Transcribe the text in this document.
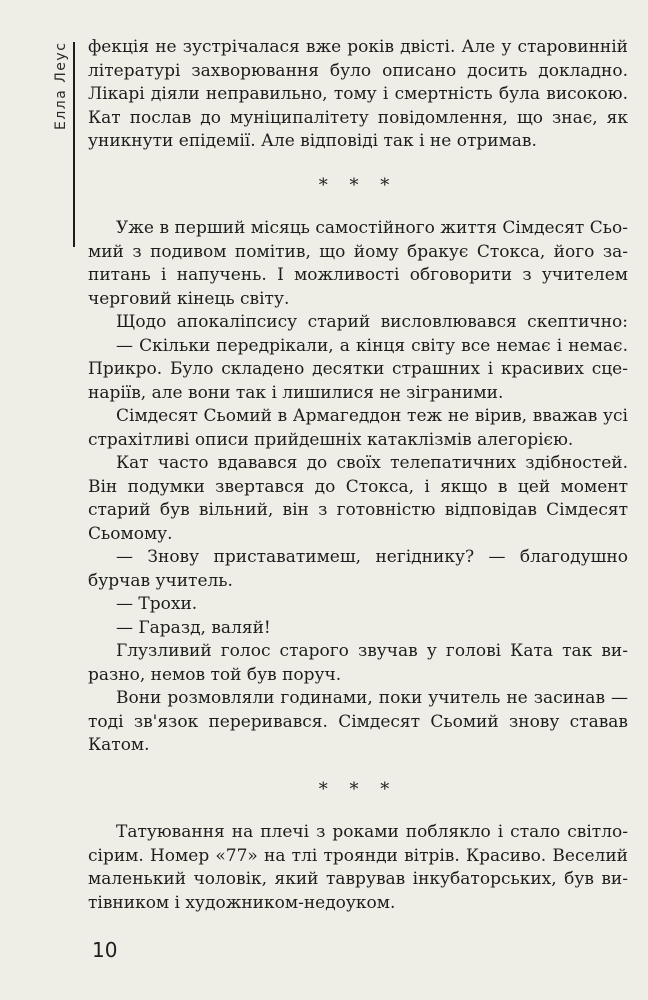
Елла Леус фекція не зустрічалася вже років двісті. Але у старовинній
літературі захворювання було описано досить докладно.
Лікарі діяли неправильно, тому і смертність була високою.
Кат послав до муніципалітету повідомлення, що знає, як
уникнути епідемії. Але відповіді так і не отримав.
* * *
Уже в перший місяць самостійного життя Сімдесят Сьо-
мий з подивом помітив, що йому бракує Стокса, його за-
питань і напучень. І можливості обговорити з учителем
черговий кінець світу.
Щодо апокаліпсису старий висловлювався скептично:
— Скільки передрікали, а кінця світу все немає і немає.
Прикро. Було складено десятки страшних і красивих сце-
наріїв, але вони так і лишилися не зіграними.
Сімдесят Сьомий в Армагеддон теж не вірив, вважав усі
страхітливі описи прийдешніх катаклізмів алегорією.
Кат часто вдавався до своїх телепатичних здібностей.
Він подумки звертався до Стокса, і якщо в цей момент
старий був вільний, він з готовністю відповідав Сімдесят
Сьомому.
— Знову приставатимеш, негіднику? — благодушно
бурчав учитель.
— Трохи.
— Гаразд, валяй!
Глузливий голос старого звучав у голові Ката так ви-
разно, немов той був поруч.
Вони розмовляли годинами, поки учитель не засинав —
тоді зв'язок переривався. Сімдесят Сьомий знову ставав
Катом.
* * *
Татуювання на плечі з роками поблякло і стало світло-
сірим. Номер «77» на тлі троянди вітрів. Красиво. Веселий
маленький чоловік, який таврував інкубаторських, був ви-
тівником і художником-недоуком.
10
